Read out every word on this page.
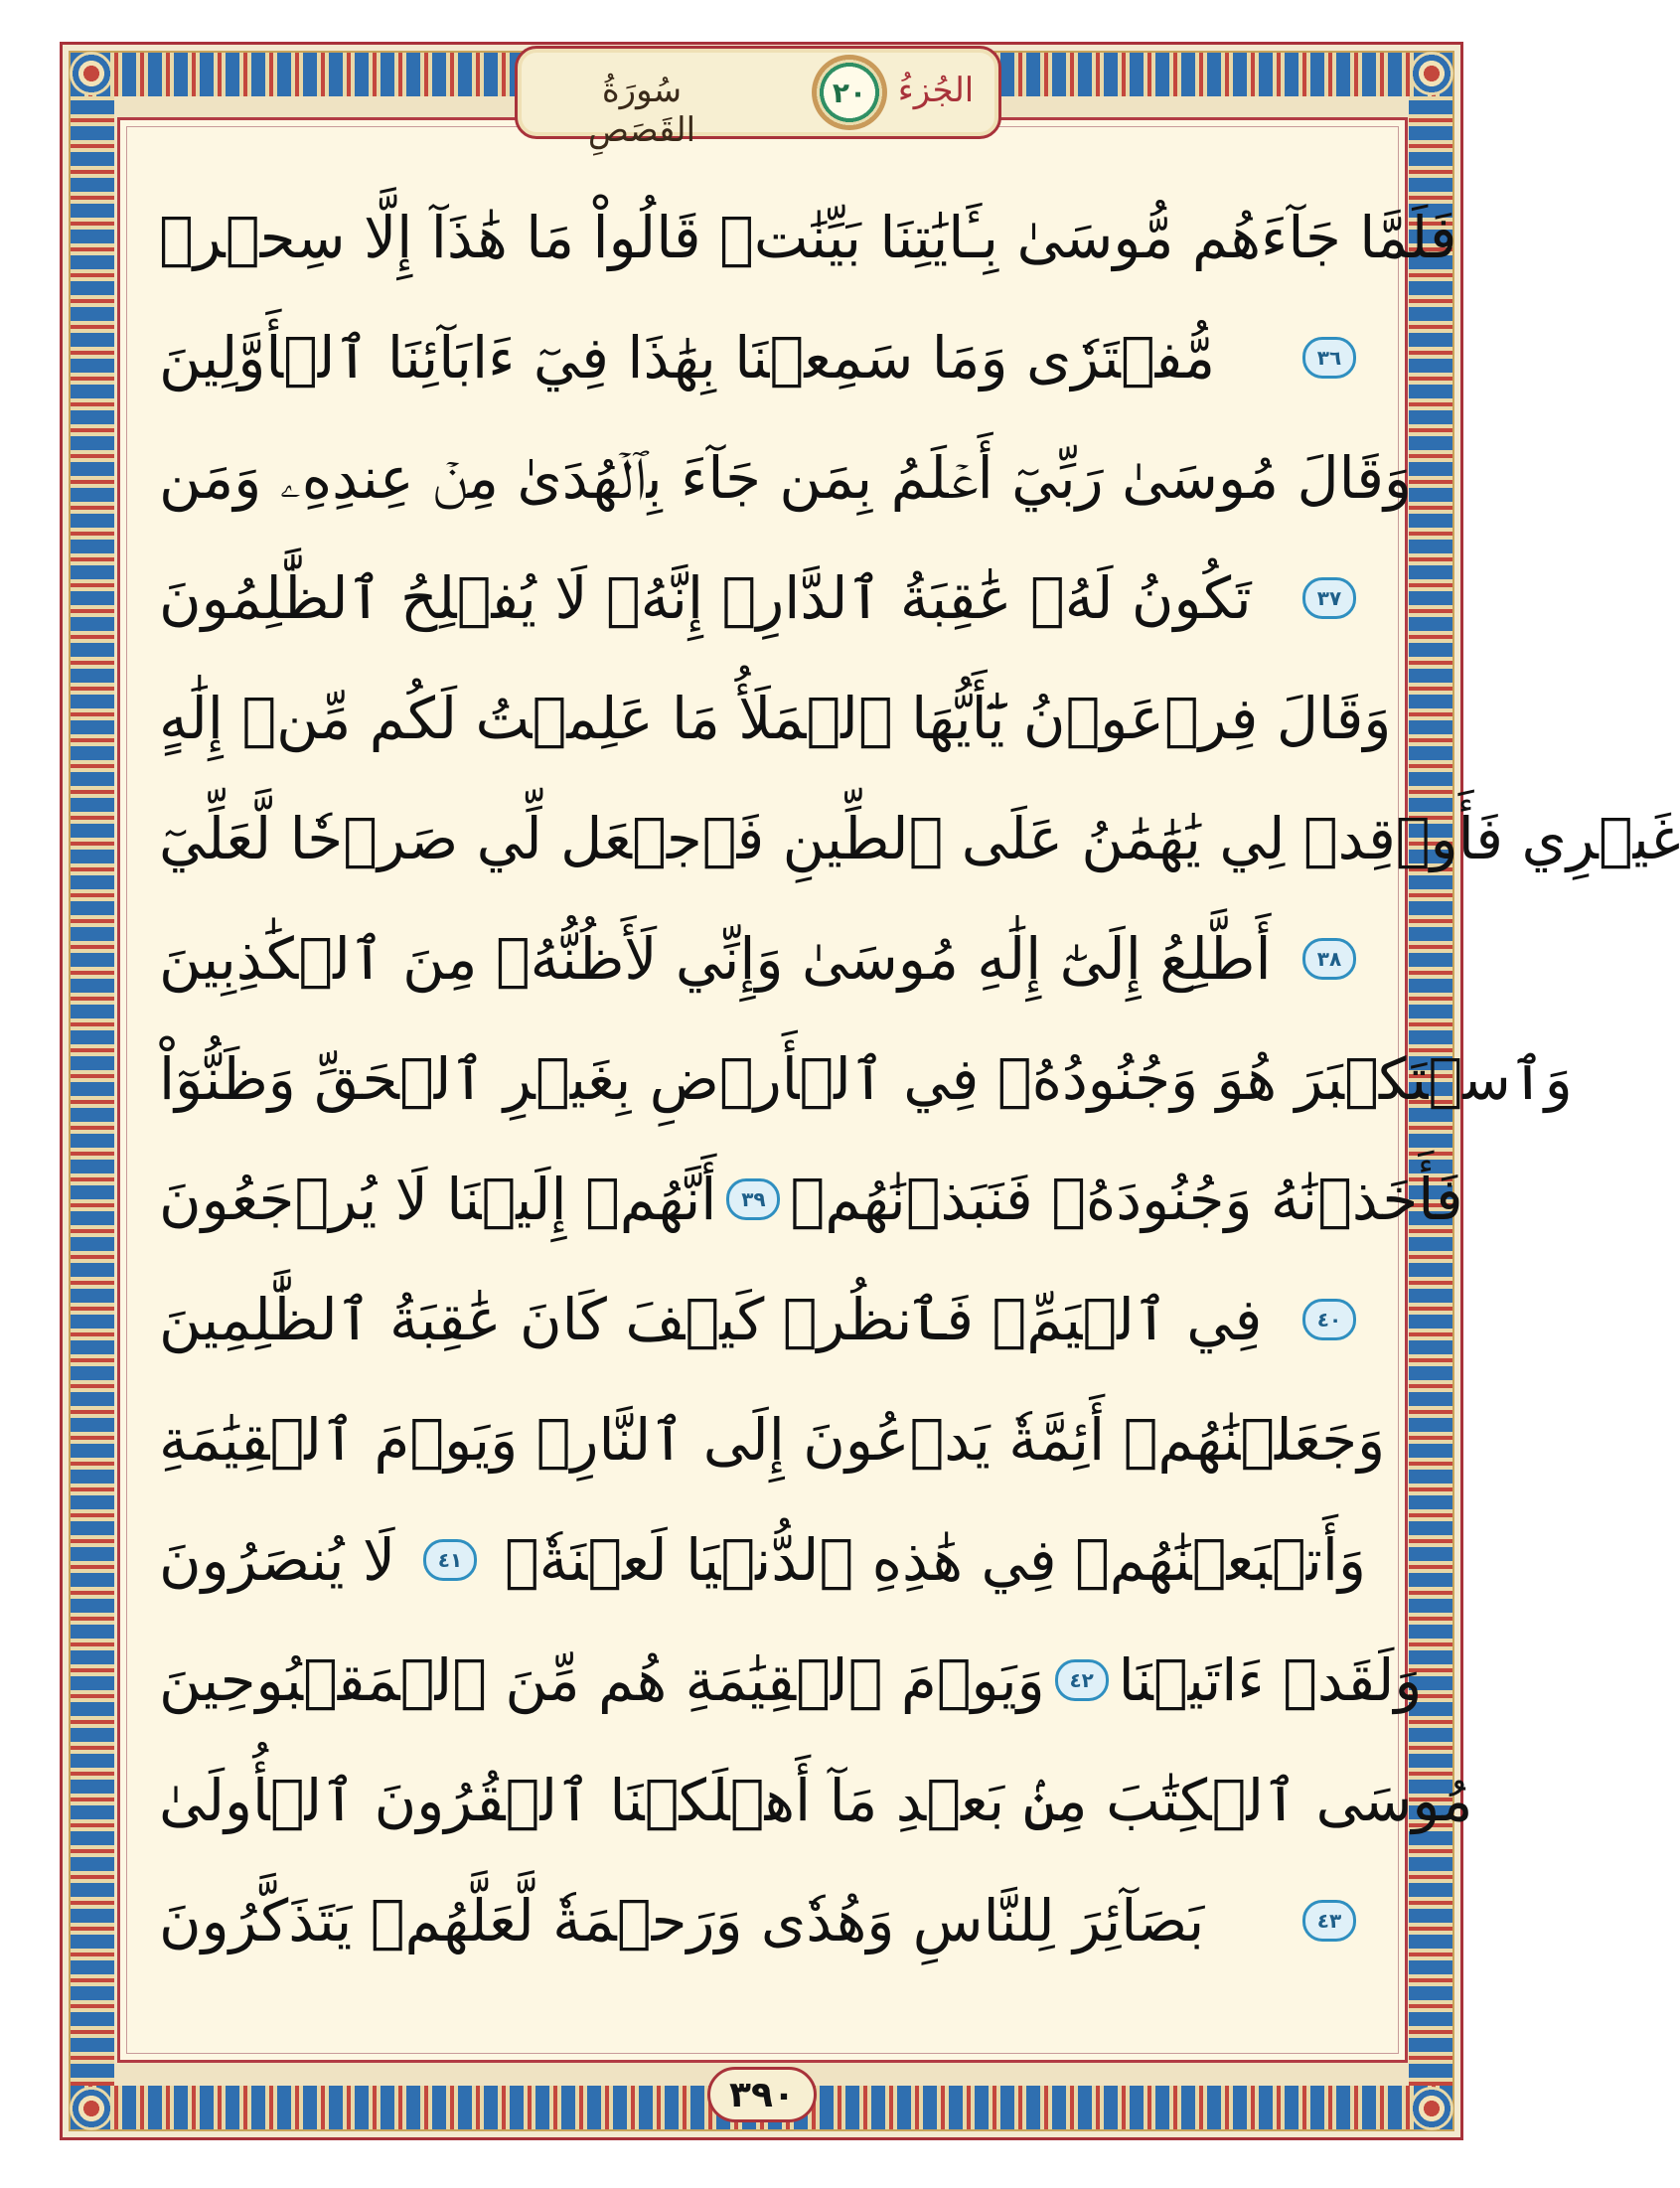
سُورَةُ القَصَصِ
٢٠ الجُزءُ
فَلَمَّا جَآءَهُم مُّوسَىٰ بِـَٔايَٰتِنَا بَيِّنَٰتٖ قَالُواْ مَا هَٰذَآ إِلَّا سِحۡرٞ
مُّفۡتَرٗى وَمَا سَمِعۡنَا بِهَٰذَا فِيٓ ءَابَآئِنَا ٱلۡأَوَّلِينَ	٣٦
وَقَالَ مُوسَىٰ رَبِّيٓ أَعۡلَمُ بِمَن جَآءَ بِٱلۡهُدَىٰ مِنۡ عِندِهِۦ وَمَن
تَكُونُ لَهُۥ عَٰقِبَةُ ٱلدَّارِۚ إِنَّهُۥ لَا يُفۡلِحُ ٱلظَّٰلِمُونَ	٣٧
وَقَالَ فِرۡعَوۡنُ يَٰٓأَيُّهَا ٱلۡمَلَأُ مَا عَلِمۡتُ لَكُم مِّنۡ إِلَٰهٍ
غَيۡرِي فَأَوۡقِدۡ لِي يَٰهَٰمَٰنُ عَلَى ٱلطِّينِ فَٱجۡعَل لِّي صَرۡحٗا لَّعَلِّيٓ
أَطَّلِعُ إِلَىٰٓ إِلَٰهِ مُوسَىٰ وَإِنِّي لَأَظُنُّهُۥ مِنَ ٱلۡكَٰذِبِينَ	٣٨
وَٱسۡتَكۡبَرَ هُوَ وَجُنُودُهُۥ فِي ٱلۡأَرۡضِ بِغَيۡرِ ٱلۡحَقِّ وَظَنُّوٓاْ
أَنَّهُمۡ إِلَيۡنَا لَا يُرۡجَعُونَ	٣٩ فَأَخَذۡنَٰهُ وَجُنُودَهُۥ فَنَبَذۡنَٰهُمۡ
فِي ٱلۡيَمِّۖ فَٱنظُرۡ كَيۡفَ كَانَ عَٰقِبَةُ ٱلظَّٰلِمِينَ	٤٠
وَجَعَلۡنَٰهُمۡ أَئِمَّةٗ يَدۡعُونَ إِلَى ٱلنَّارِۖ وَيَوۡمَ ٱلۡقِيَٰمَةِ
لَا يُنصَرُونَ	٤١ وَأَتۡبَعۡنَٰهُمۡ فِي هَٰذِهِ ٱلدُّنۡيَا لَعۡنَةٗۖ
وَيَوۡمَ ٱلۡقِيَٰمَةِ هُم مِّنَ ٱلۡمَقۡبُوحِينَ	٤٢ وَلَقَدۡ ءَاتَيۡنَا
مُوسَى ٱلۡكِتَٰبَ مِنۢ بَعۡدِ مَآ أَهۡلَكۡنَا ٱلۡقُرُونَ ٱلۡأُولَىٰ
بَصَآئِرَ لِلنَّاسِ وَهُدٗى وَرَحۡمَةٗ لَّعَلَّهُمۡ يَتَذَكَّرُونَ	٤٣
٣٩٠
